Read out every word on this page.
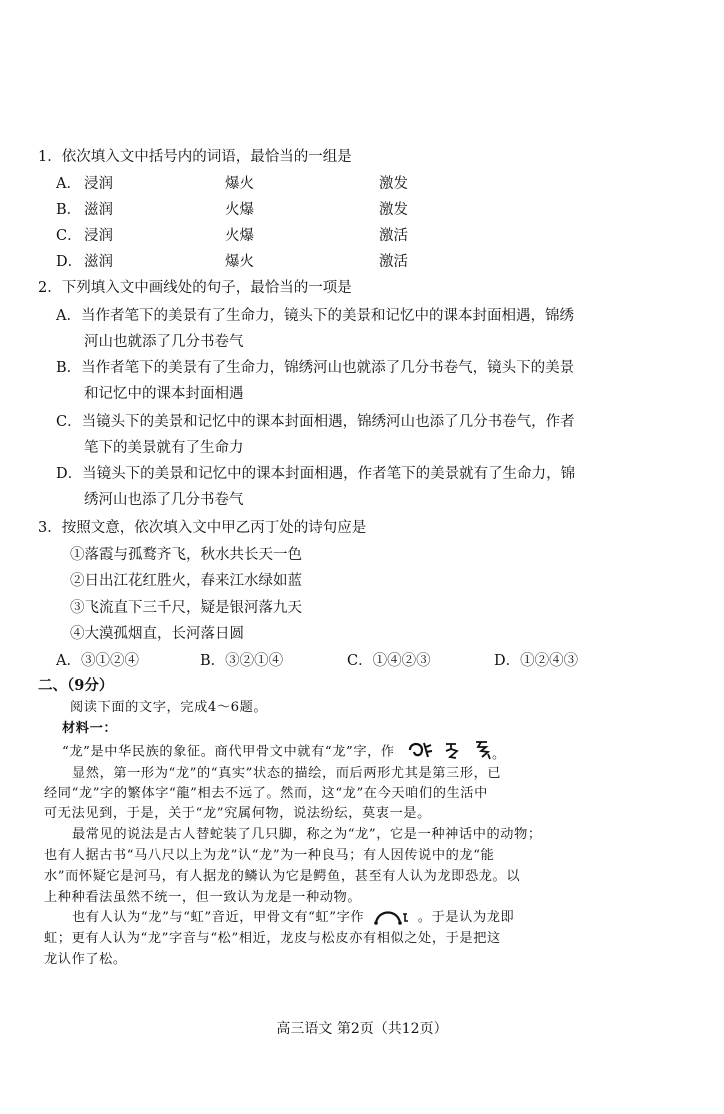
1．依次填入文中括号内的词语，最恰当的一组是
A． 浸润	爆火	激发
B． 滋润	火爆	激发
C． 浸润	火爆	激活
D． 滋润	爆火	激活
2．下列填入文中画线处的句子，最恰当的一项是
A．当作者笔下的美景有了生命力，镜头下的美景和记忆中的课本封面相遇，锦绣
河山也就添了几分书卷气
B．当作者笔下的美景有了生命力，锦绣河山也就添了几分书卷气，镜头下的美景
和记忆中的课本封面相遇
C．当镜头下的美景和记忆中的课本封面相遇，锦绣河山也添了几分书卷气，作者
笔下的美景就有了生命力
D．当镜头下的美景和记忆中的课本封面相遇，作者笔下的美景就有了生命力，锦
绣河山也添了几分书卷气
3．按照文意，依次填入文中甲乙丙丁处的诗句应是
①落霞与孤鹜齐飞，秋水共长天一色
②日出江花红胜火，春来江水绿如蓝
③飞流直下三千尺，疑是银河落九天
④大漠孤烟直，长河落日圆
A．③①②④	B．③②①④	C．①④②③	D．①②④③
二、（9分）
阅读下面的文字，完成4～6题。
材料一：
“龙”是中华民族的象征。商代甲骨文中就有“龙”字，作	。
显然，第一形为“龙”的“真实”状态的描绘，而后两形尤其是第三形，已
经同“龙”字的繁体字“龍”相去不远了。然而，这“龙”在今天咱们的生活中
可无法见到，于是，关于“龙”究属何物，说法纷纭，莫衷一是。
最常见的说法是古人替蛇装了几只脚，称之为“龙”，它是一种神话中的动物；
也有人据古书“马八尺以上为龙”认“龙”为一种良马；有人因传说中的龙“能
水”而怀疑它是河马，有人据龙的鳞认为它是鳄鱼，甚至有人认为龙即恐龙。以
上种种看法虽然不统一，但一致认为龙是一种动物。
也有人认为“龙”与“虹”音近，甲骨文有“虹”字作	。于是认为龙即
虹；更有人认为“龙”字音与“松”相近，龙皮与松皮亦有相似之处，于是把这
龙认作了松。
高三语文 第2页（共12页）
